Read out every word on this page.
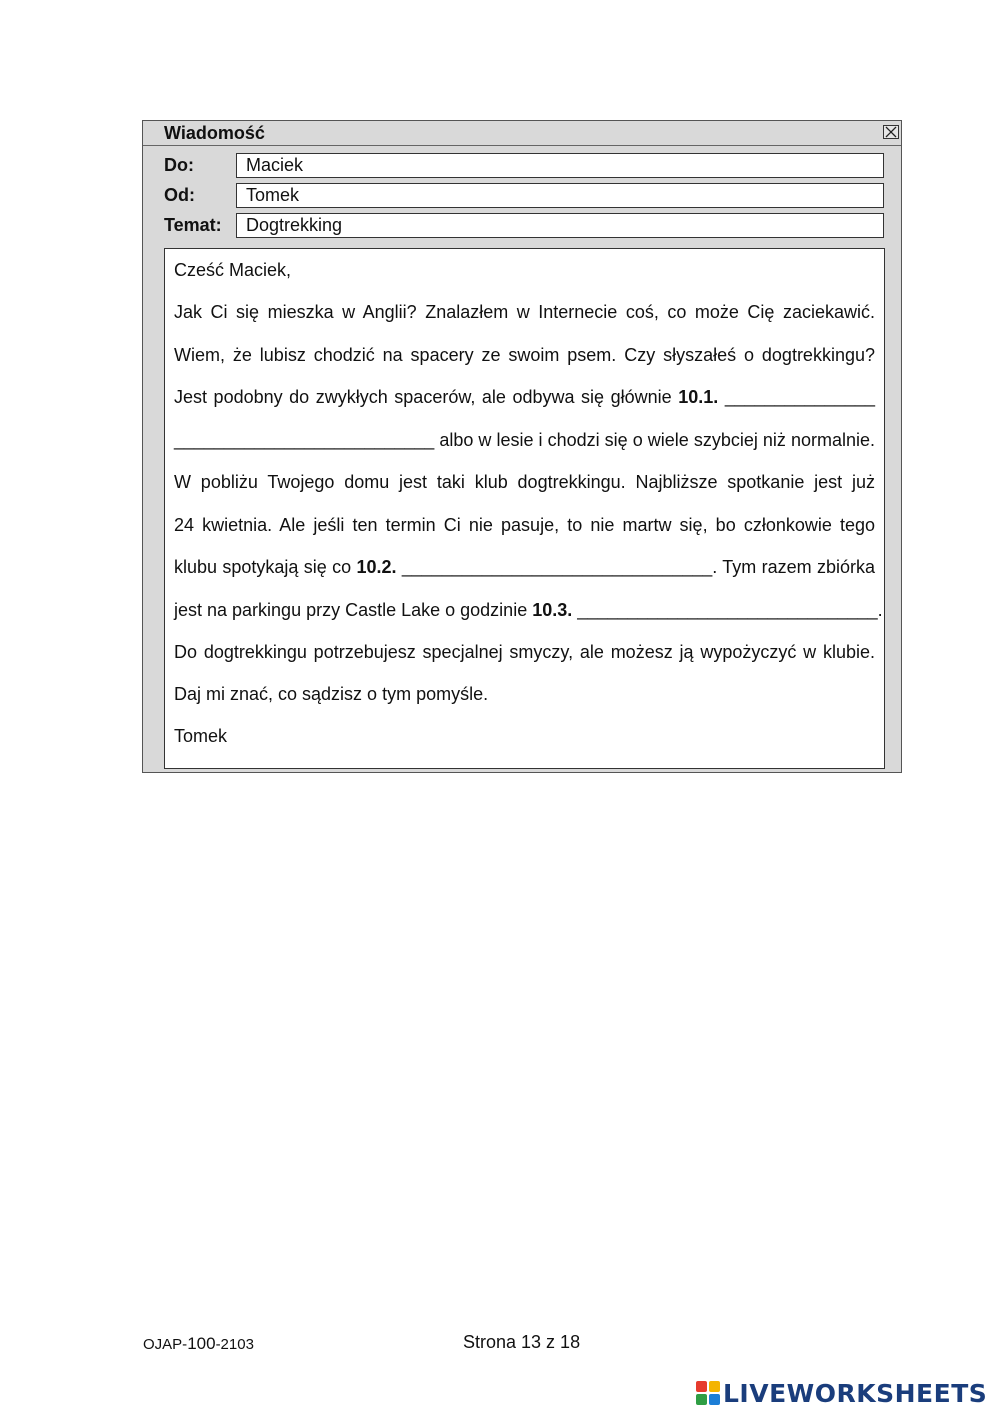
Wiadomość
Do:	Maciek
Od:	Tomek
Temat:	Dogtrekking
Cześć Maciek,
Jak Ci się mieszka w Anglii? Znalazłem w Internecie coś, co może Cię zaciekawić.
Wiem, że lubisz chodzić na spacery ze swoim psem. Czy słyszałeś o dogtrekkingu?
Jest podobny do zwykłych spacerów, ale odbywa się głównie 10.1. _______________
__________________________ albo w lesie i chodzi się o wiele szybciej niż normalnie.
W pobliżu Twojego domu jest taki klub dogtrekkingu. Najbliższe spotkanie jest już
24 kwietnia. Ale jeśli ten termin Ci nie pasuje, to nie martw się, bo członkowie tego
klubu spotykają się co 10.2. _______________________________. Tym razem zbiórka
jest na parkingu przy Castle Lake o godzinie 10.3. ______________________________.
Do dogtrekkingu potrzebujesz specjalnej smyczy, ale możesz ją wypożyczyć w klubie.
Daj mi znać, co sądzisz o tym pomyśle.
Tomek
OJAP-100-2103	Strona 13 z 18
LIVEWORKSHEETS
